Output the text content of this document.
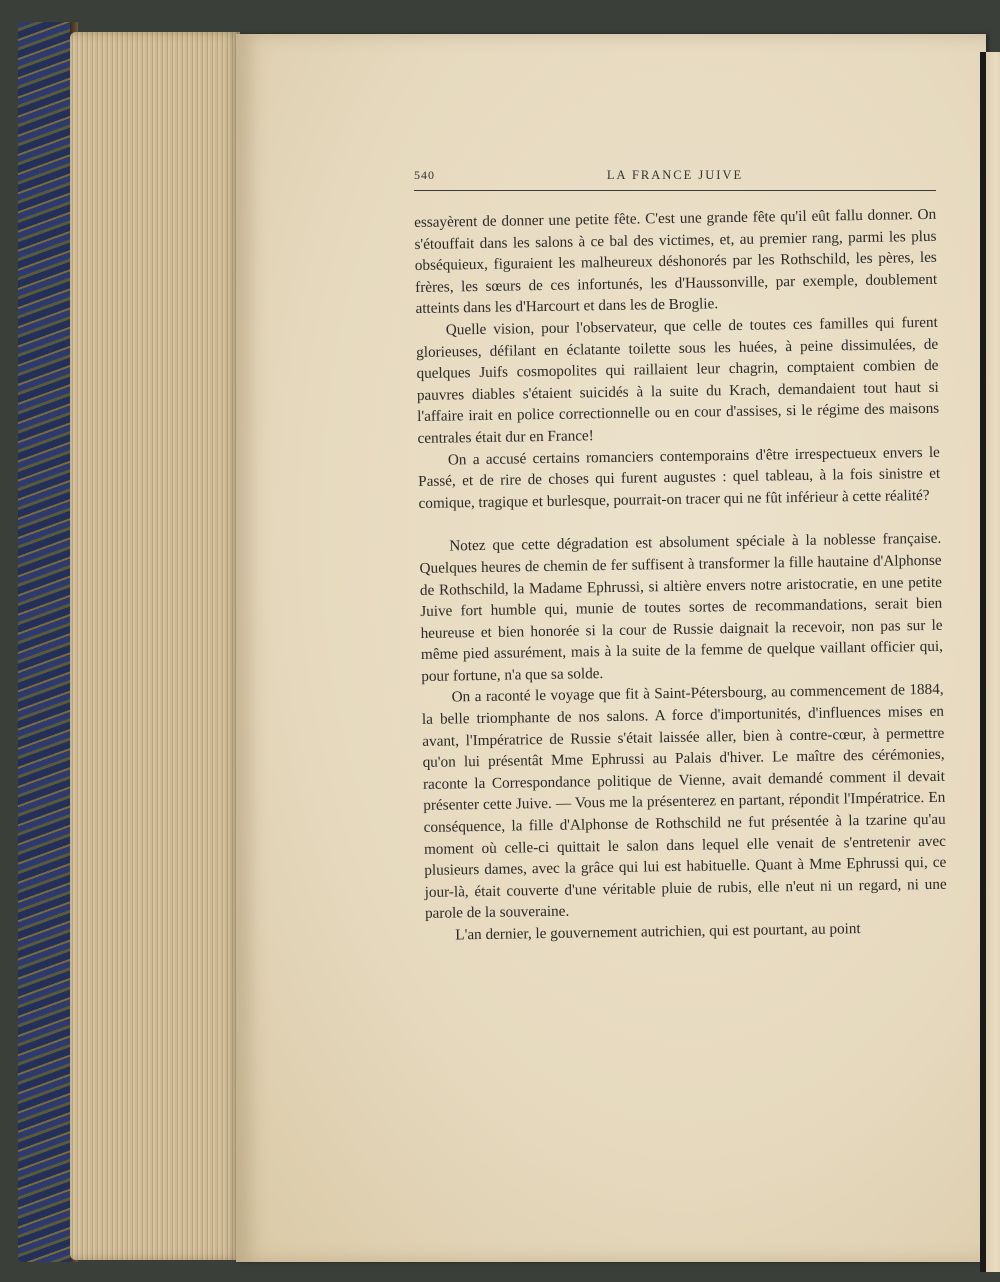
540	LA FRANCE JUIVE

essayèrent de donner une petite fête. C'est une grande fête qu'il eût fallu donner. On s'étouffait dans les salons à ce bal des victimes, et, au premier rang, parmi les plus obséquieux, figuraient les malheureux déshonorés par les Rothschild, les pères, les frères, les sœurs de ces infortunés, les d'Haussonville, par exemple, doublement atteints dans les d'Harcourt et dans les de Broglie.

Quelle vision, pour l'observateur, que celle de toutes ces familles qui furent glorieuses, défilant en éclatante toilette sous les huées, à peine dissimulées, de quelques Juifs cosmopolites qui raillaient leur chagrin, comptaient combien de pauvres diables s'étaient suicidés à la suite du Krach, demandaient tout haut si l'affaire irait en police correctionnelle ou en cour d'assises, si le régime des maisons centrales était dur en France!

On a accusé certains romanciers contemporains d'être irrespectueux envers le Passé, et de rire de choses qui furent augustes : quel tableau, à la fois sinistre et comique, tragique et burlesque, pourrait-on tracer qui ne fût inférieur à cette réalité?

Notez que cette dégradation est absolument spéciale à la noblesse française. Quelques heures de chemin de fer suffisent à transformer la fille hautaine d'Alphonse de Rothschild, la Madame Ephrussi, si altière envers notre aristocratie, en une petite Juive fort humble qui, munie de toutes sortes de recommandations, serait bien heureuse et bien honorée si la cour de Russie daignait la recevoir, non pas sur le même pied assurément, mais à la suite de la femme de quelque vaillant officier qui, pour fortune, n'a que sa solde.

On a raconté le voyage que fit à Saint-Pétersbourg, au commencement de 1884, la belle triomphante de nos salons. A force d'importunités, d'influences mises en avant, l'Impératrice de Russie s'était laissée aller, bien à contre-cœur, à permettre qu'on lui présentât Mme Ephrussi au Palais d'hiver. Le maître des cérémonies, raconte la Correspondance politique de Vienne, avait demandé comment il devait présenter cette Juive. — Vous me la présenterez en partant, répondit l'Impératrice. En conséquence, la fille d'Alphonse de Rothschild ne fut présentée à la tzarine qu'au moment où celle-ci quittait le salon dans lequel elle venait de s'entretenir avec plusieurs dames, avec la grâce qui lui est habituelle. Quant à Mme Ephrussi qui, ce jour-là, était couverte d'une véritable pluie de rubis, elle n'eut ni un regard, ni une parole de la souveraine.

L'an dernier, le gouvernement autrichien, qui est pourtant, au point
